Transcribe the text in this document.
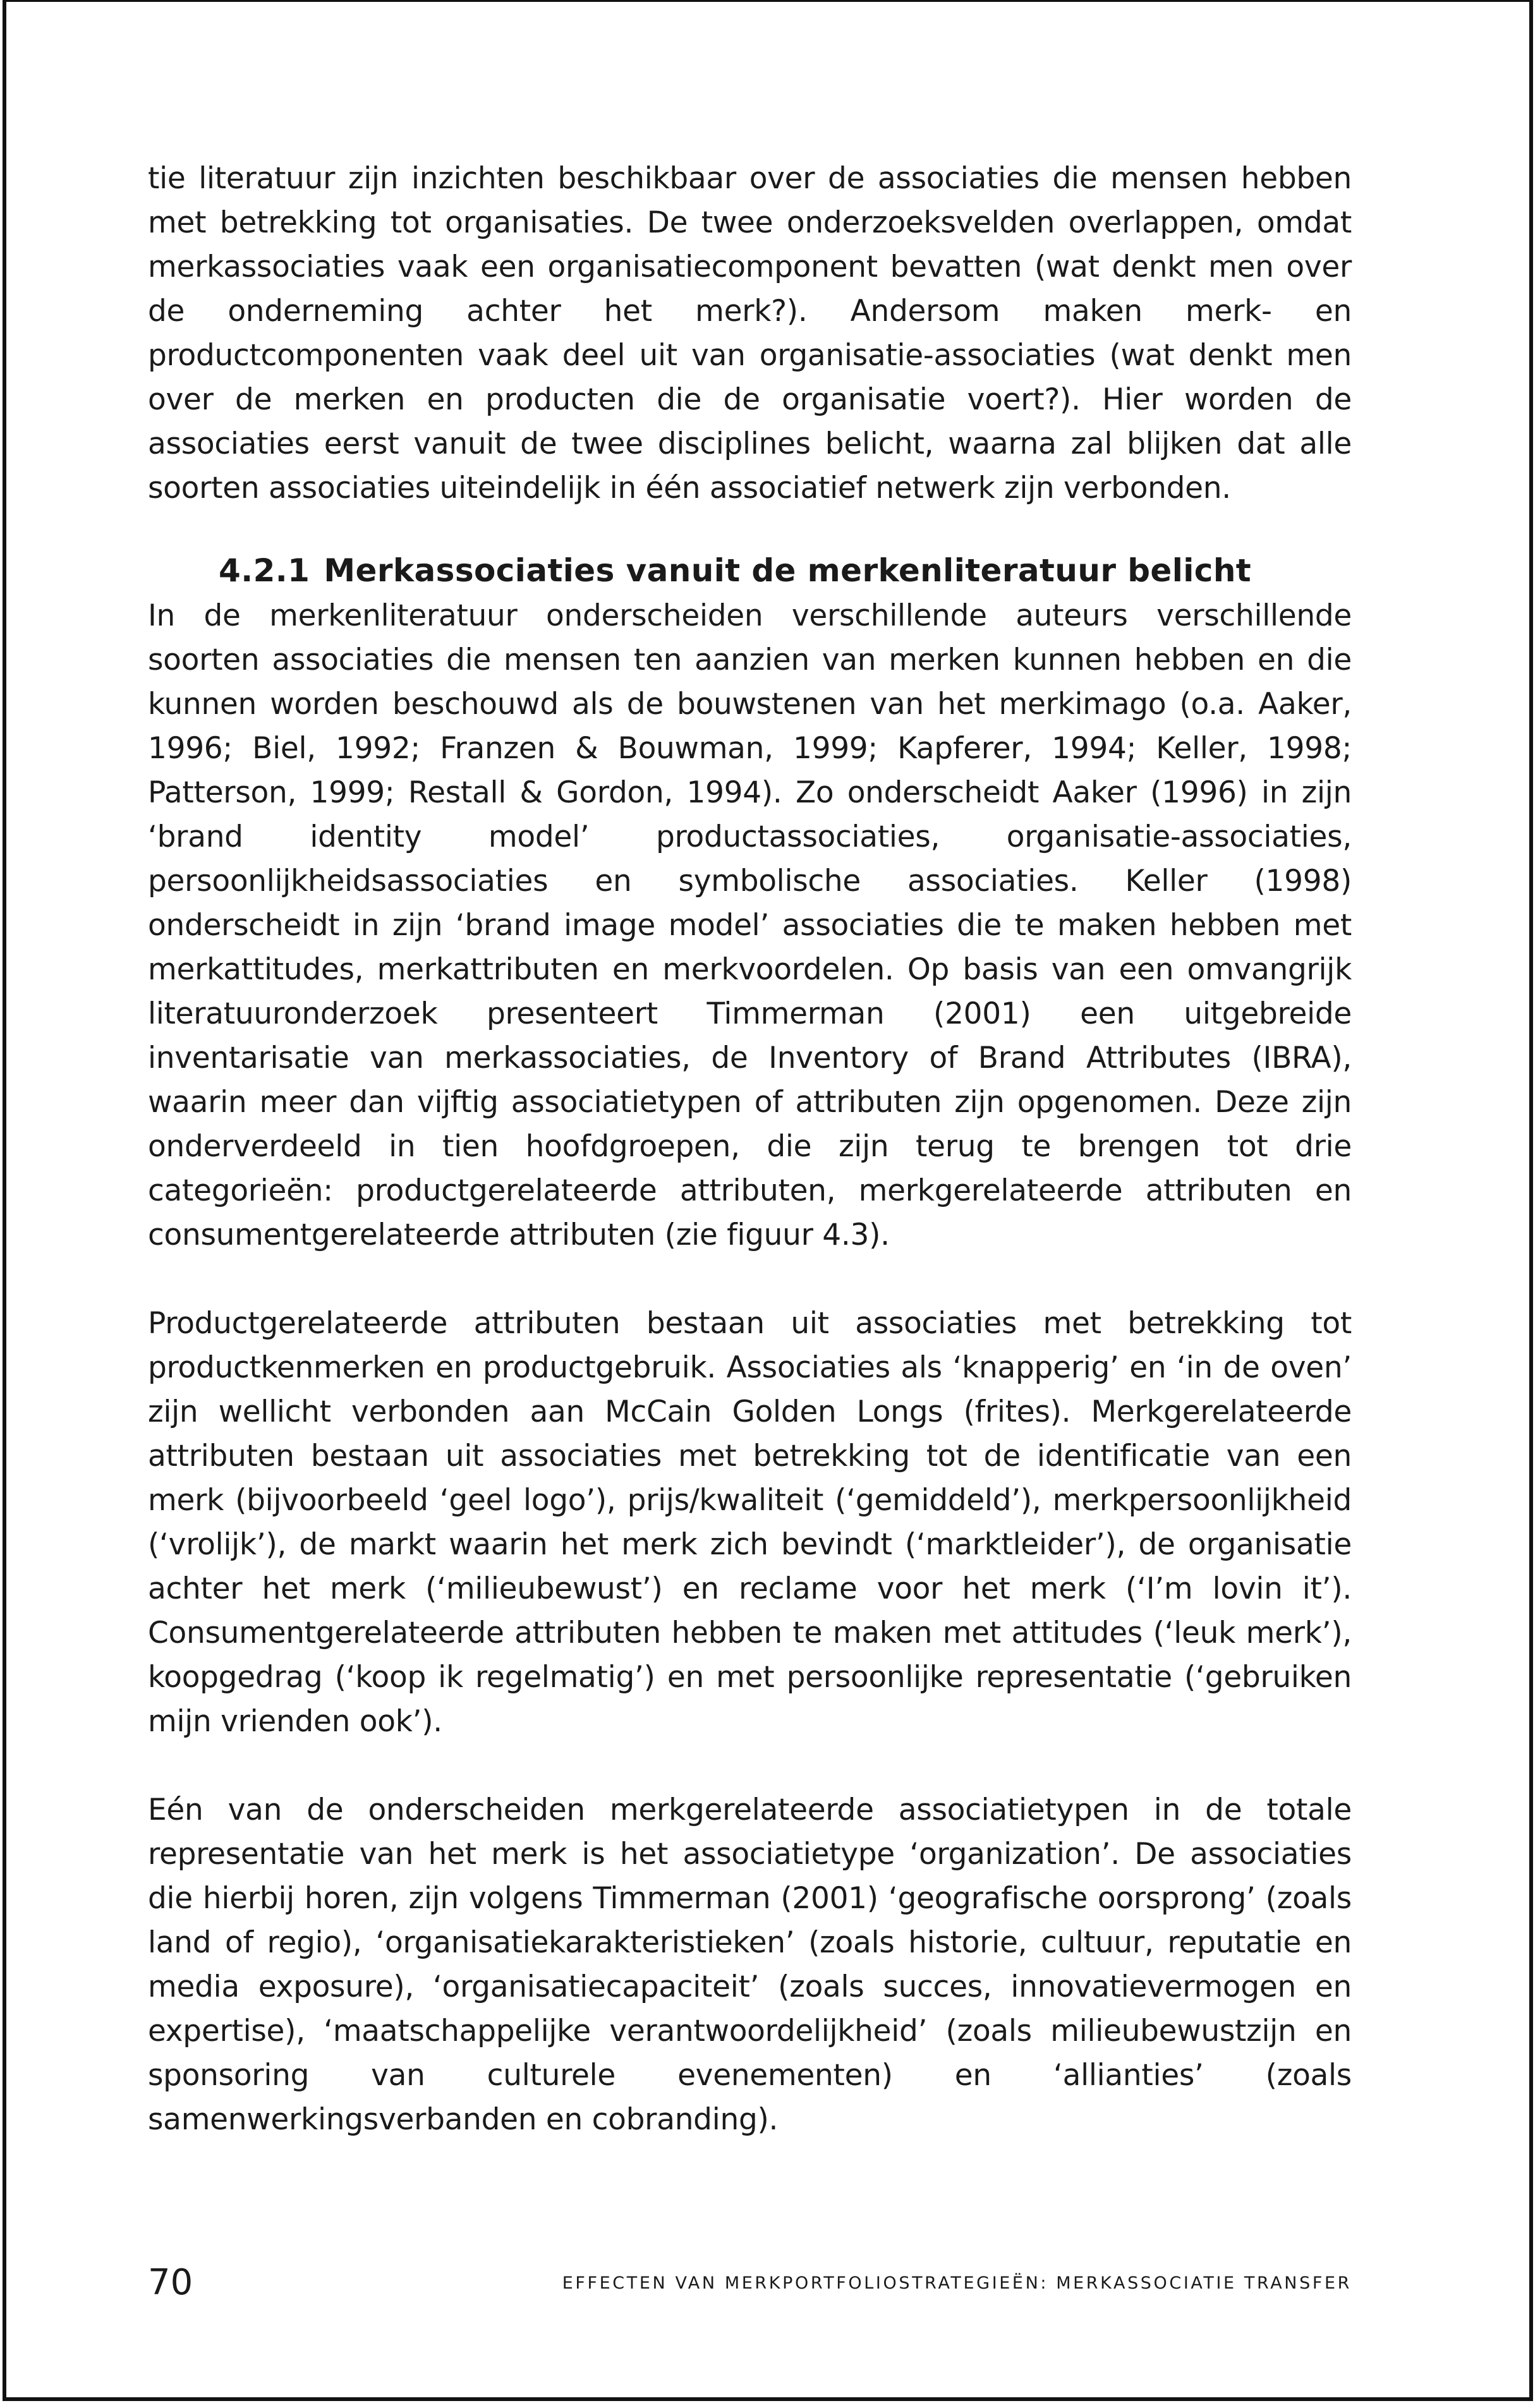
tie literatuur zijn inzichten beschikbaar over de associaties die mensen hebben met betrekking tot organisaties. De twee onderzoeksvelden overlappen, omdat merkassociaties vaak een organisatiecomponent bevatten (wat denkt men over de onderneming achter het merk?). Andersom maken merk- en productcomponenten vaak deel uit van organisatie-associaties (wat denkt men over de merken en producten die de organisatie voert?). Hier worden de associaties eerst vanuit de twee disciplines belicht, waarna zal blijken dat alle soorten associaties uiteindelijk in één associatief netwerk zijn verbonden.

4.2.1 Merkassociaties vanuit de merkenliteratuur belicht

In de merkenliteratuur onderscheiden verschillende auteurs verschillende soorten associaties die mensen ten aanzien van merken kunnen hebben en die kunnen worden beschouwd als de bouwstenen van het merkimago (o.a. Aaker, 1996; Biel, 1992; Franzen & Bouwman, 1999; Kapferer, 1994; Keller, 1998; Patterson, 1999; Restall & Gordon, 1994). Zo onderscheidt Aaker (1996) in zijn ‘brand identity model’ productassociaties, organisatie-associaties, persoonlijkheidsassociaties en symbolische associaties. Keller (1998) onderscheidt in zijn ‘brand image model’ associaties die te maken hebben met merkattitudes, merkattributen en merkvoordelen. Op basis van een omvangrijk literatuuronderzoek presenteert Timmerman (2001) een uitgebreide inventarisatie van merkassociaties, de Inventory of Brand Attributes (IBRA), waarin meer dan vijftig associatietypen of attributen zijn opgenomen. Deze zijn onderverdeeld in tien hoofdgroepen, die zijn terug te brengen tot drie categorieën: productgerelateerde attributen, merkgerelateerde attributen en consumentgerelateerde attributen (zie figuur 4.3).

Productgerelateerde attributen bestaan uit associaties met betrekking tot productkenmerken en productgebruik. Associaties als ‘knapperig’ en ‘in de oven’ zijn wellicht verbonden aan McCain Golden Longs (frites). Merkgerelateerde attributen bestaan uit associaties met betrekking tot de identificatie van een merk (bijvoorbeeld ‘geel logo’), prijs/kwaliteit (‘gemiddeld’), merkpersoonlijkheid (‘vrolijk’), de markt waarin het merk zich bevindt (‘marktleider’), de organisatie achter het merk (‘milieubewust’) en reclame voor het merk (‘I’m lovin it’). Consumentgerelateerde attributen hebben te maken met attitudes (‘leuk merk’), koopgedrag (‘koop ik regelmatig’) en met persoonlijke representatie (‘gebruiken mijn vrienden ook’).

Eén van de onderscheiden merkgerelateerde associatietypen in de totale representatie van het merk is het associatietype ‘organization’. De associaties die hierbij horen, zijn volgens Timmerman (2001) ‘geografische oorsprong’ (zoals land of regio), ‘organisatiekarakteristieken’ (zoals historie, cultuur, reputatie en media exposure), ‘organisatiecapaciteit’ (zoals succes, innovatievermogen en expertise), ‘maatschappelijke verantwoordelijkheid’ (zoals milieubewustzijn en sponsoring van culturele evenementen) en ‘allianties’ (zoals samenwerkingsverbanden en cobranding).

70	EFFECTEN VAN MERKPORTFOLIOSTRATEGIEËN: MERKASSOCIATIE TRANSFER
